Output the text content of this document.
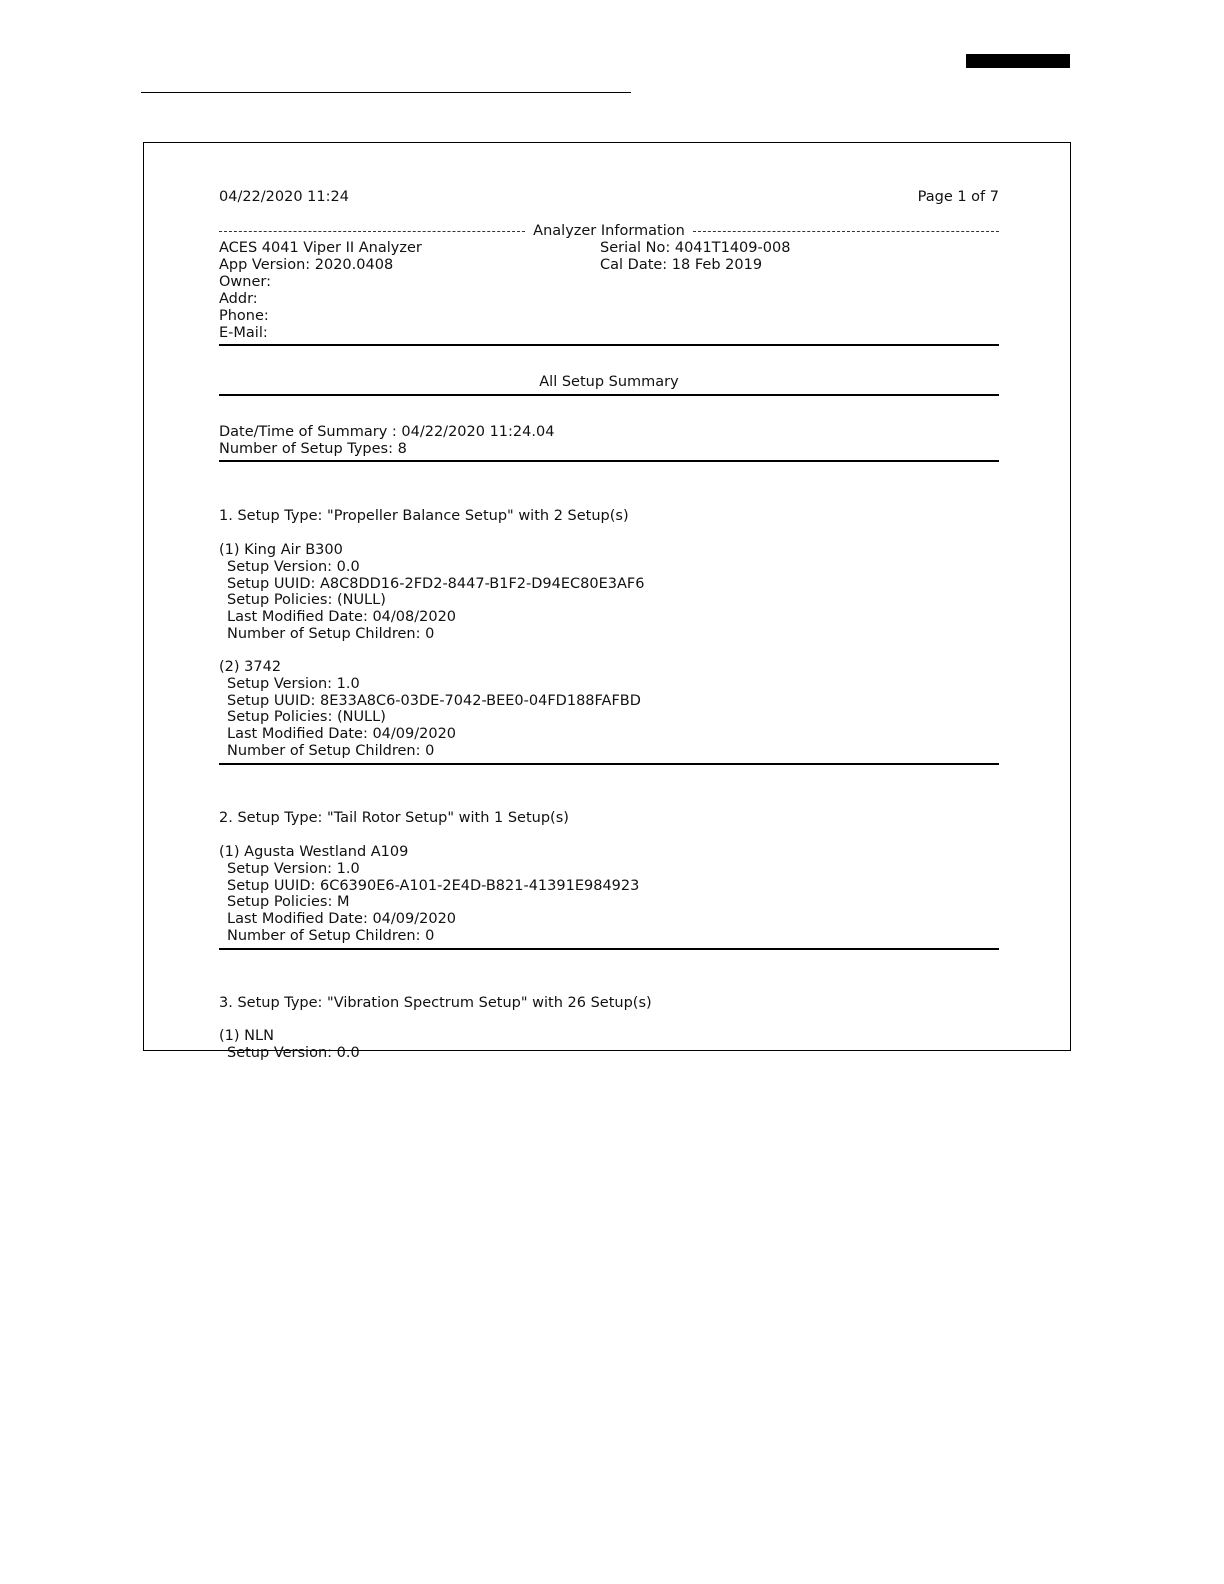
04/22/2020 11:24	Page 1 of 7
Analyzer Information
ACES 4041 Viper II Analyzer	Serial No: 4041T1409-008
App Version: 2020.0408	Cal Date: 18 Feb 2019
Owner:
Addr:
Phone:
E-Mail:
All Setup Summary
Date/Time of Summary : 04/22/2020 11:24.04
Number of Setup Types: 8
1. Setup Type: "Propeller Balance Setup" with 2 Setup(s)
(1) King Air B300
Setup Version: 0.0
Setup UUID: A8C8DD16-2FD2-8447-B1F2-D94EC80E3AF6
Setup Policies: (NULL)
Last Modified Date: 04/08/2020
Number of Setup Children: 0
(2) 3742
Setup Version: 1.0
Setup UUID: 8E33A8C6-03DE-7042-BEE0-04FD188FAFBD
Setup Policies: (NULL)
Last Modified Date: 04/09/2020
Number of Setup Children: 0
2. Setup Type: "Tail Rotor Setup" with 1 Setup(s)
(1) Agusta Westland A109
Setup Version: 1.0
Setup UUID: 6C6390E6-A101-2E4D-B821-41391E984923
Setup Policies: M
Last Modified Date: 04/09/2020
Number of Setup Children: 0
3. Setup Type: "Vibration Spectrum Setup" with 26 Setup(s)
(1) NLN
Setup Version: 0.0
